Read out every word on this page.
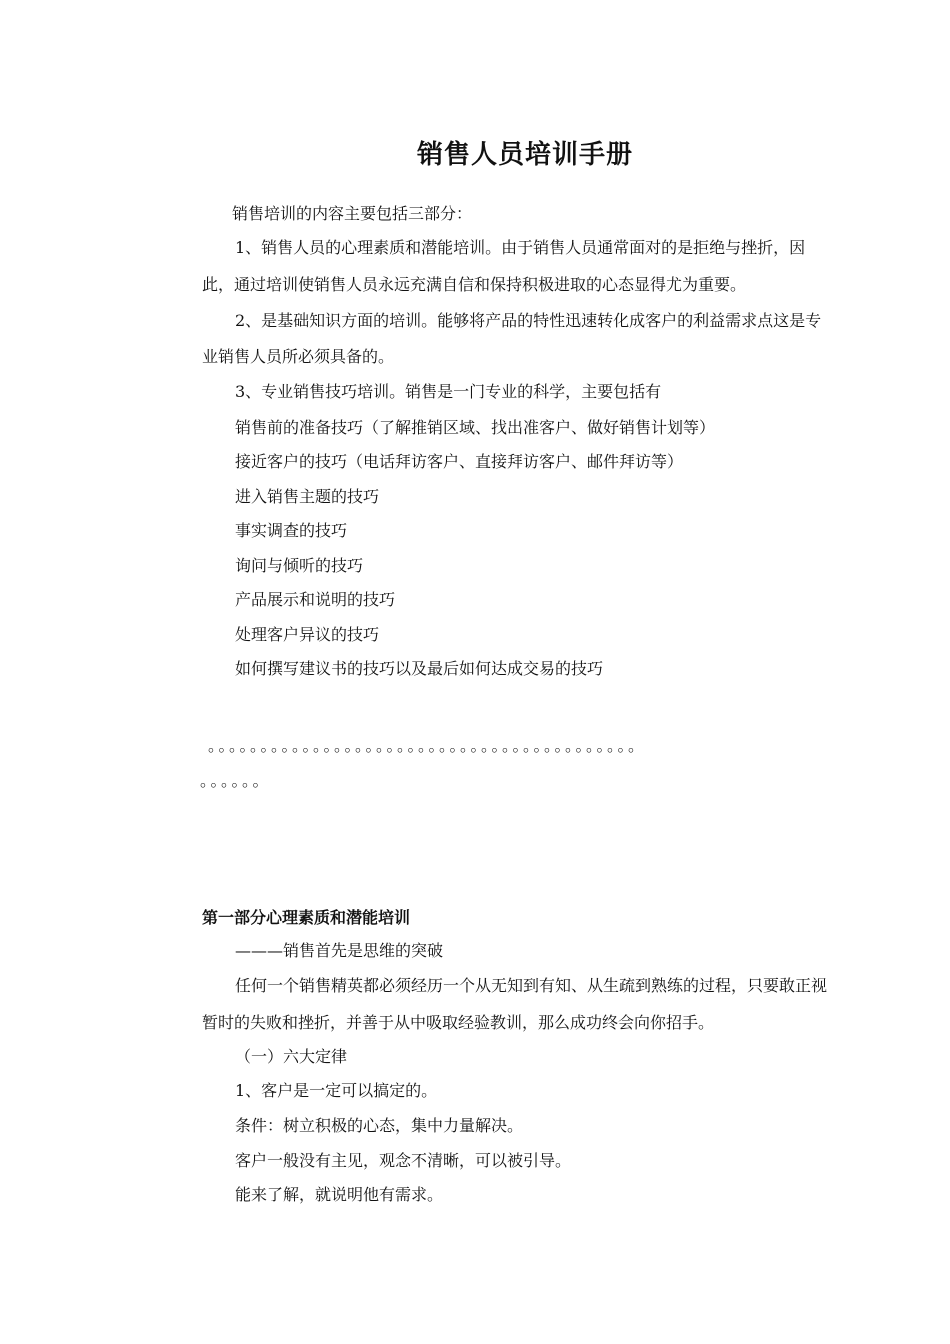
销售人员培训手册
销售培训的内容主要包括三部分：
1、销售人员的心理素质和潜能培训。由于销售人员通常面对的是拒绝与挫折，因
此，通过培训使销售人员永远充满自信和保持积极进取的心态显得尤为重要。
2、是基础知识方面的培训。能够将产品的特性迅速转化成客户的利益需求点这是专
业销售人员所必须具备的。
3、专业销售技巧培训。销售是一门专业的科学，主要包括有
销售前的准备技巧（了解推销区域、找出准客户、做好销售计划等）
接近客户的技巧（电话拜访客户、直接拜访客户、邮件拜访等）
进入销售主题的技巧
事实调查的技巧
询问与倾听的技巧
产品展示和说明的技巧
处理客户异议的技巧
如何撰写建议书的技巧以及最后如何达成交易的技巧
。。。。。。。。。。。。。。。。。。。。。。。。。。。。。。。。。。。。。。。。。
。。。。。。
第一部分心理素质和潜能培训
———销售首先是思维的突破
任何一个销售精英都必须经历一个从无知到有知、从生疏到熟练的过程，只要敢正视
暂时的失败和挫折，并善于从中吸取经验教训，那么成功终会向你招手。
（一）六大定律
1、客户是一定可以搞定的。
条件：树立积极的心态，集中力量解决。
客户一般没有主见，观念不清晰，可以被引导。
能来了解，就说明他有需求。
